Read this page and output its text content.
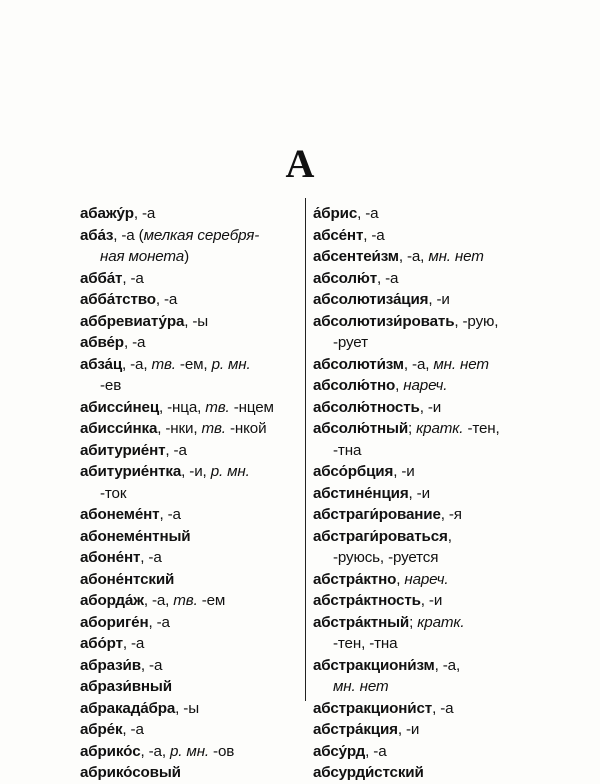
А
абажу́р, -а
аба́з, -а (мелкая серебря-
ная монета)
абба́т, -а
абба́тство, -а
аббревиату́ра, -ы
абве́р, -а
абза́ц, -а, тв. -ем, р. мн.
-ев
абисси́нец, -нца, тв. -нцем
абисси́нка, -нки, тв. -нкой
абитурие́нт, -а
абитурие́нтка, -и, р. мн.
-ток
абонеме́нт, -а
абонеме́нтный
абоне́нт, -а
абоне́нтский
аборда́ж, -а, тв. -ем
абориге́н, -а
або́рт, -а
абрази́в, -а
абрази́вный
абракада́бра, -ы
абре́к, -а
абрико́с, -а, р. мн. -ов
абрико́совый
а́брис, -а
абсе́нт, -а
абсентеи́зм, -а, мн. нет
абсолю́т, -а
абсолютиза́ция, -и
абсолютизи́ровать, -рую,
-рует
абсолюти́зм, -а, мн. нет
абсолю́тно, нареч.
абсолю́тность, -и
абсолю́тный; кратк. -тен,
-тна
абсо́рбция, -и
абстине́нция, -и
абстраги́рование, -я
абстраги́роваться,
-руюсь, -руется
абстра́ктно, нареч.
абстра́ктность, -и
абстра́ктный; кратк.
-тен, -тна
абстракциони́зм, -а,
мн. нет
абстракциони́ст, -а
абстра́кция, -и
абсу́рд, -а
абсурди́стский
